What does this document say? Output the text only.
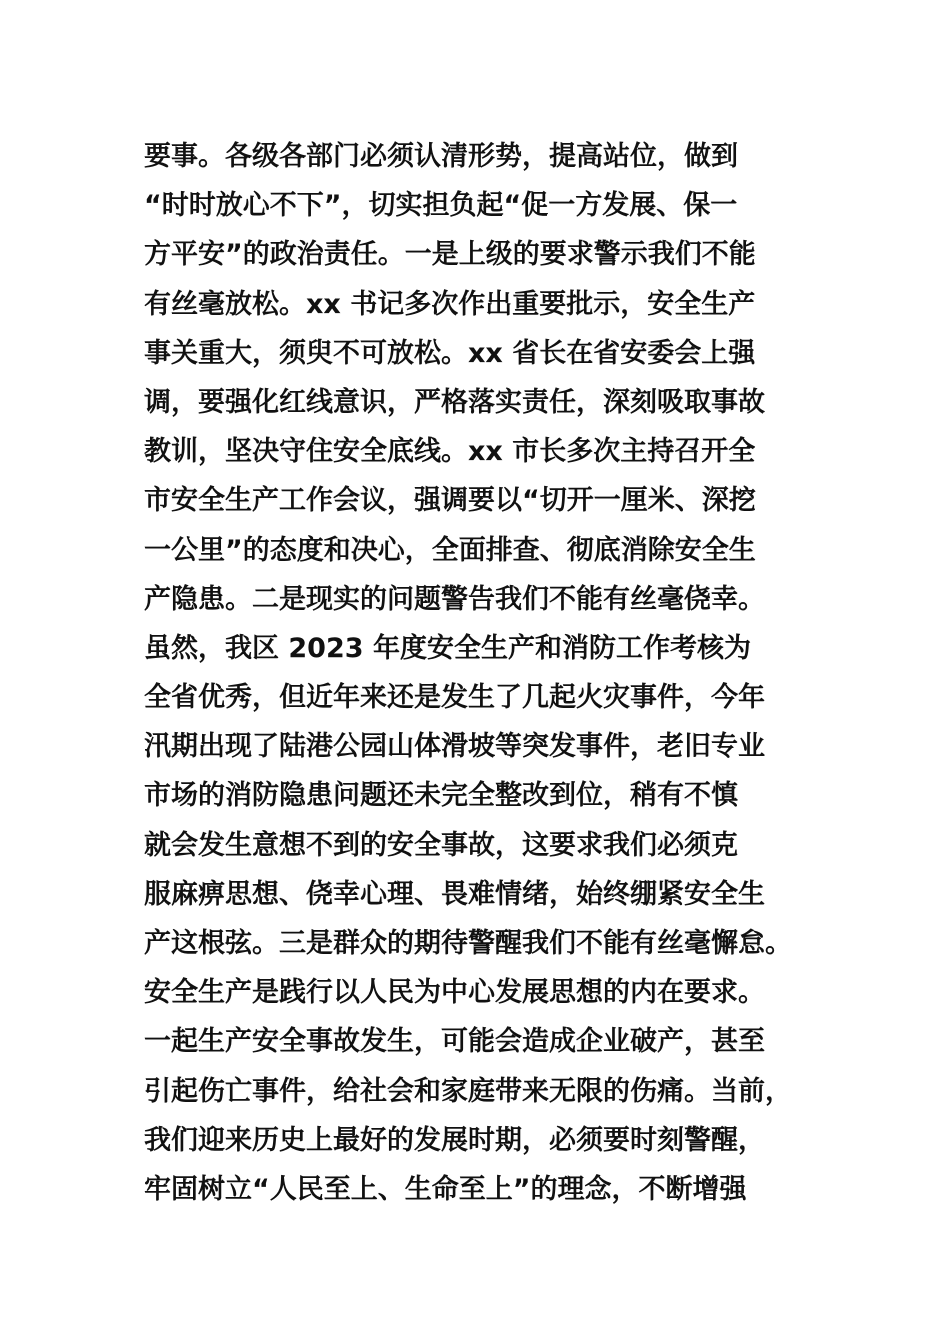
要事。各级各部门必须认清形势，提高站位，做到
“时时放心不下”，切实担负起“促一方发展、保一
方平安”的政治责任。一是上级的要求警示我们不能
有丝毫放松。xx 书记多次作出重要批示，安全生产
事关重大，须臾不可放松。xx 省长在省安委会上强
调，要强化红线意识，严格落实责任，深刻吸取事故
教训，坚决守住安全底线。xx 市长多次主持召开全
市安全生产工作会议，强调要以“切开一厘米、深挖
一公里”的态度和决心，全面排查、彻底消除安全生
产隐患。二是现实的问题警告我们不能有丝毫侥幸。
虽然，我区 2023 年度安全生产和消防工作考核为
全省优秀，但近年来还是发生了几起火灾事件，今年
汛期出现了陆港公园山体滑坡等突发事件，老旧专业
市场的消防隐患问题还未完全整改到位，稍有不慎
就会发生意想不到的安全事故，这要求我们必须克
服麻痹思想、侥幸心理、畏难情绪，始终绷紧安全生
产这根弦。三是群众的期待警醒我们不能有丝毫懈怠。
安全生产是践行以人民为中心发展思想的内在要求。
一起生产安全事故发生，可能会造成企业破产，甚至
引起伤亡事件，给社会和家庭带来无限的伤痛。当前，
我们迎来历史上最好的发展时期，必须要时刻警醒，
牢固树立“人民至上、生命至上”的理念，不断增强
